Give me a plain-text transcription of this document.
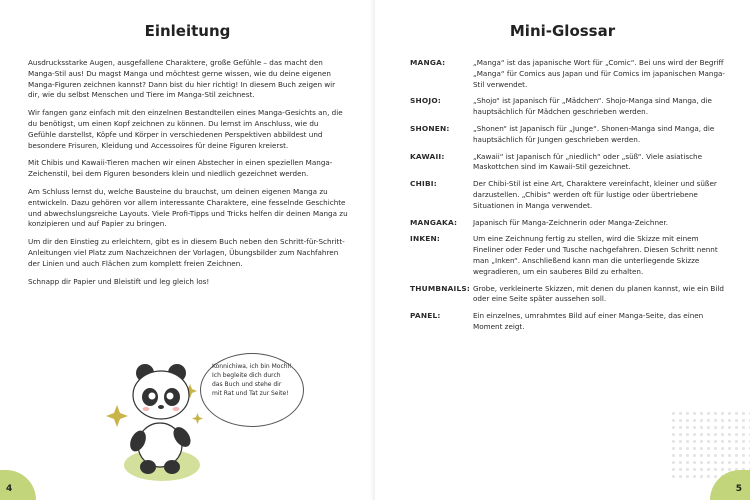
Einleitung

Ausdrucksstarke Augen, ausgefallene Charaktere, große Gefühle – das macht den Manga-Stil aus! Du magst Manga und möchtest gerne wissen, wie du deine eigenen Manga-Figuren zeichnen kannst? Dann bist du hier richtig! In diesem Buch zeigen wir dir, wie du selbst Menschen und Tiere im Manga-Stil zeichnest.

Wir fangen ganz einfach mit den einzelnen Bestandteilen eines Manga-Gesichts an, die du benötigst, um einen Kopf zeichnen zu können. Du lernst im Anschluss, wie du Gefühle darstellst, Köpfe und Körper in verschiedenen Perspektiven abbildest und besondere Frisuren, Kleidung und Accessoires für deine Figuren kreierst.

Mit Chibis und Kawaii-Tieren machen wir einen Abstecher in einen speziellen Manga-Zeichenstil, bei dem Figuren besonders klein und niedlich gezeichnet werden.

Am Schluss lernst du, welche Bausteine du brauchst, um deinen eigenen Manga zu entwickeln. Dazu gehören vor allem interessante Charaktere, eine fesselnde Geschichte und abwechslungsreiche Layouts. Viele Profi-Tipps und Tricks helfen dir deinen Manga zu konzipieren und auf Papier zu bringen.

Um dir den Einstieg zu erleichtern, gibt es in diesem Buch neben den Schritt-für-Schritt-Anleitungen viel Platz zum Nachzeichnen der Vorlagen, Übungsbilder zum Nachfahren der Linien und auch Flächen zum komplett freien Zeichnen.

Schnapp dir Papier und Bleistift und leg gleich los!

Konnichiwa, ich bin Mochi! Ich begleite dich durch das Buch und stehe dir mit Rat und Tat zur Seite!
4
Mini-Glossar
MANGA:	„Manga“ ist das japanische Wort für „Comic“. Bei uns wird der Begriff „Manga“ für Comics aus Japan und für Comics im japanischen Manga-Stil verwendet.
SHOJO:	„Shojo“ ist Japanisch für „Mädchen“. Shojo-Manga sind Manga, die hauptsächlich für Mädchen geschrieben werden.
SHONEN:	„Shonen“ ist Japanisch für „Junge“. Shonen-Manga sind Manga, die hauptsächlich für Jungen geschrieben werden.
KAWAII:	„Kawaii“ ist Japanisch für „niedlich“ oder „süß“. Viele asiatische Maskottchen sind im Kawaii-Stil gezeichnet.
CHIBI:	Der Chibi-Stil ist eine Art, Charaktere vereinfacht, kleiner und süßer darzustellen. „Chibis“ werden oft für lustige oder übertriebene Situationen in Manga verwendet.
MANGAKA:	Japanisch für Manga-Zeichnerin oder Manga-Zeichner.
INKEN:	Um eine Zeichnung fertig zu stellen, wird die Skizze mit einem Fineliner oder Feder und Tusche nachgefahren. Diesen Schritt nennt man „Inken“. Anschließend kann man die unterliegende Skizze wegradieren, um ein sauberes Bild zu erhalten.
THUMBNAILS: Grobe, verkleinerte Skizzen, mit denen du planen kannst, wie ein Bild oder eine Seite später aussehen soll.
PANEL:	Ein einzelnes, umrahmtes Bild auf einer Manga-Seite, das einen Moment zeigt.
5
